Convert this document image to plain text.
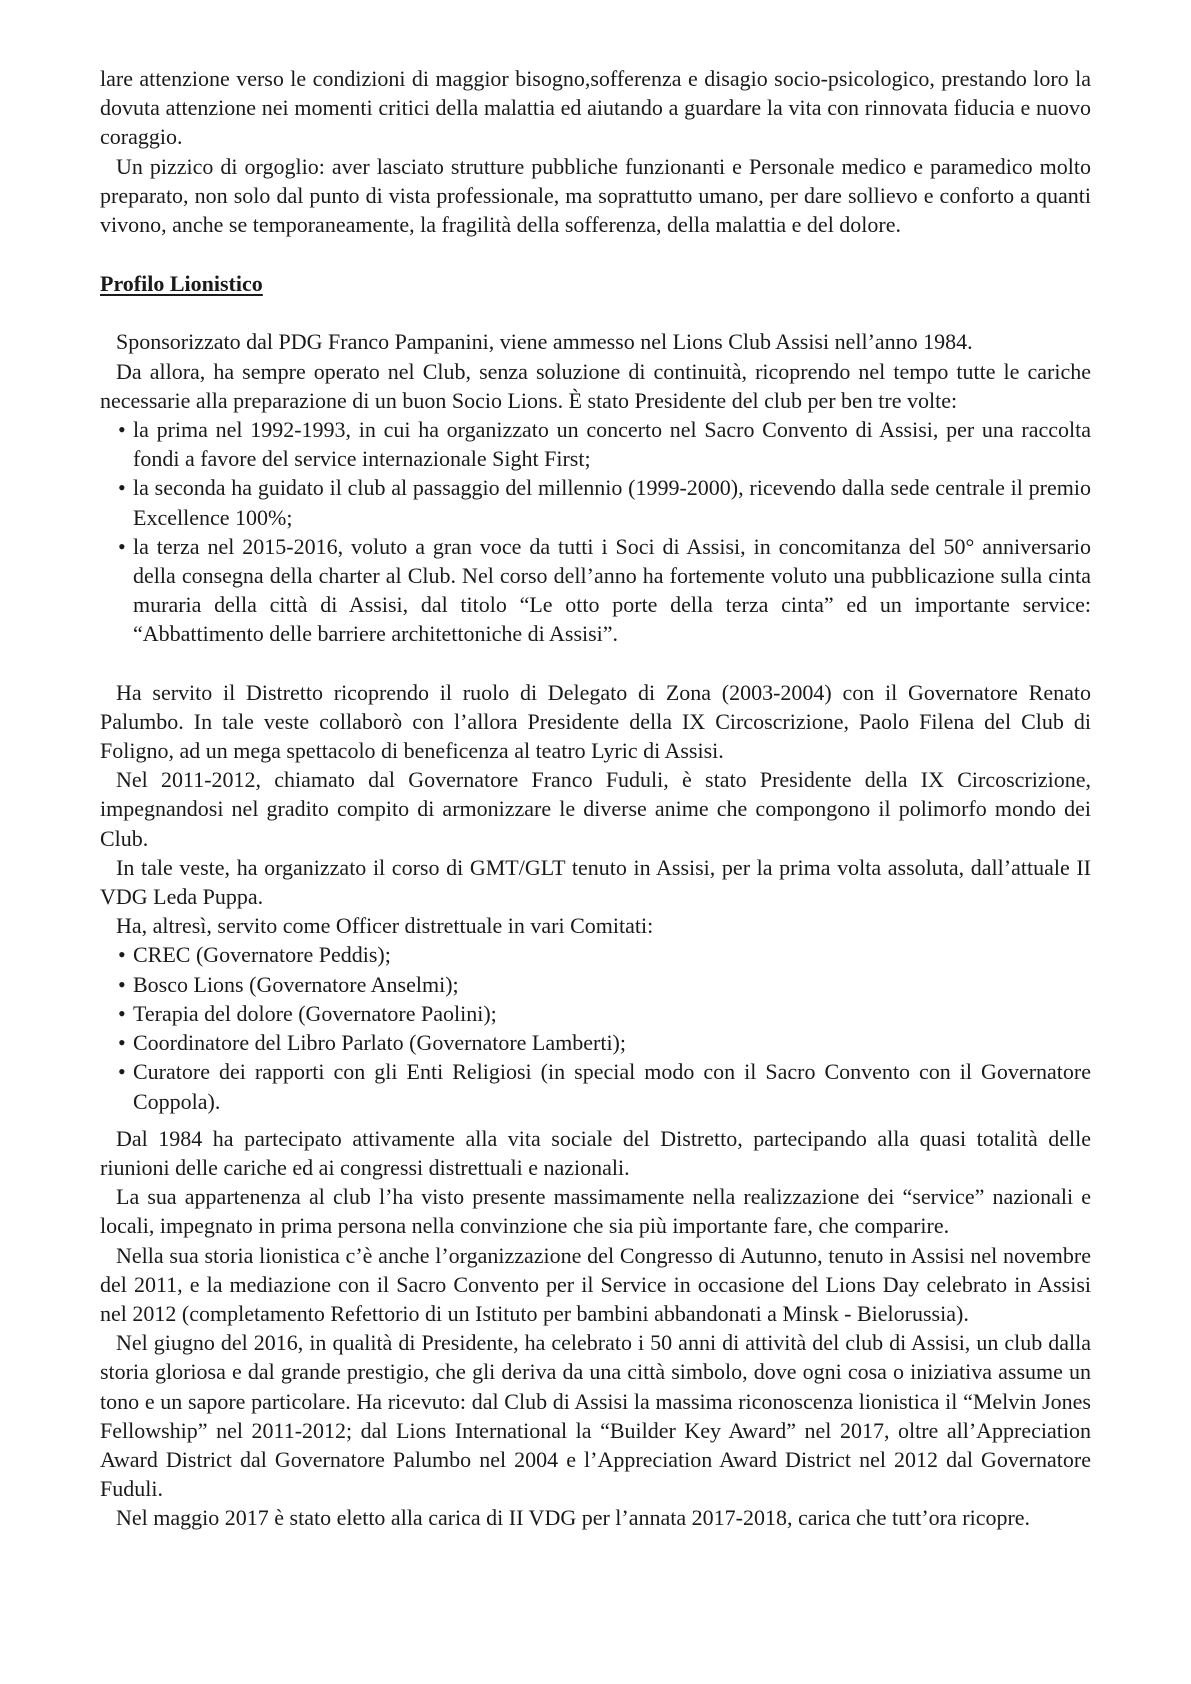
lare attenzione verso le condizioni di maggior bisogno,sofferenza e disagio socio-psicologico, prestando loro la dovuta attenzione nei momenti critici della malattia ed aiutando a guardare la vita con rinnovata fiducia e nuovo coraggio.

Un pizzico di orgoglio: aver lasciato strutture pubbliche funzionanti e Personale medico e paramedico molto preparato, non solo dal punto di vista professionale, ma soprattutto umano, per dare sollievo e conforto a quanti vivono, anche se temporaneamente, la fragilità della sofferenza, della malattia e del dolore.

Profilo Lionistico

Sponsorizzato dal PDG Franco Pampanini, viene ammesso nel Lions Club Assisi nell’anno 1984.

Da allora, ha sempre operato nel Club, senza soluzione di continuità, ricoprendo nel tempo tutte le cariche necessarie alla preparazione di un buon Socio Lions. È stato Presidente del club per ben tre volte:

• la prima nel 1992-1993, in cui ha organizzato un concerto nel Sacro Convento di Assisi, per una raccolta fondi a favore del service internazionale Sight First;
• la seconda ha guidato il club al passaggio del millennio (1999-2000), ricevendo dalla sede centrale il premio Excellence 100%;
• la terza nel 2015-2016, voluto a gran voce da tutti i Soci di Assisi, in concomitanza del 50° anniversario della consegna della charter al Club. Nel corso dell’anno ha fortemente voluto una pubblicazione sulla cinta muraria della città di Assisi, dal titolo “Le otto porte della terza cinta” ed un importante service: “Abbattimento delle barriere architettoniche di Assisi”.

Ha servito il Distretto ricoprendo il ruolo di Delegato di Zona (2003-2004) con il Governatore Renato Palumbo. In tale veste collaborò con l’allora Presidente della IX Circoscrizione, Paolo Filena del Club di Foligno, ad un mega spettacolo di beneficenza al teatro Lyric di Assisi.

Nel 2011-2012, chiamato dal Governatore Franco Fuduli, è stato Presidente della IX Circoscrizione, impegnandosi nel gradito compito di armonizzare le diverse anime che compongono il polimorfo mondo dei Club.

In tale veste, ha organizzato il corso di GMT/GLT tenuto in Assisi, per la prima volta assoluta, dall’attuale II VDG Leda Puppa.

Ha, altresì, servito come Officer distrettuale in vari Comitati:

• CREC (Governatore Peddis);
• Bosco Lions (Governatore Anselmi);
• Terapia del dolore (Governatore Paolini);
• Coordinatore del Libro Parlato (Governatore Lamberti);
• Curatore dei rapporti con gli Enti Religiosi (in special modo con il Sacro Convento con il Governatore Coppola).

Dal 1984 ha partecipato attivamente alla vita sociale del Distretto, partecipando alla quasi totalità delle riunioni delle cariche ed ai congressi distrettuali e nazionali.

La sua appartenenza al club l’ha visto presente massimamente nella realizzazione dei “service” nazionali e locali, impegnato in prima persona nella convinzione che sia più importante fare, che comparire.

Nella sua storia lionistica c’è anche l’organizzazione del Congresso di Autunno, tenuto in Assisi nel novembre del 2011, e la mediazione con il Sacro Convento per il Service in occasione del Lions Day celebrato in Assisi nel 2012 (completamento Refettorio di un Istituto per bambini abbandonati a Minsk - Bielorussia).

Nel giugno del 2016, in qualità di Presidente, ha celebrato i 50 anni di attività del club di Assisi, un club dalla storia gloriosa e dal grande prestigio, che gli deriva da una città simbolo, dove ogni cosa o iniziativa assume un tono e un sapore particolare. Ha ricevuto: dal Club di Assisi la massima riconoscenza lionistica il “Melvin Jones Fellowship” nel 2011-2012; dal Lions International la “Builder Key Award” nel 2017, oltre all’Appreciation Award District dal Governatore Palumbo nel 2004 e l’Appreciation Award District nel 2012 dal Governatore Fuduli.

Nel maggio 2017 è stato eletto alla carica di II VDG per l’annata 2017-2018, carica che tutt’ora ricopre.
